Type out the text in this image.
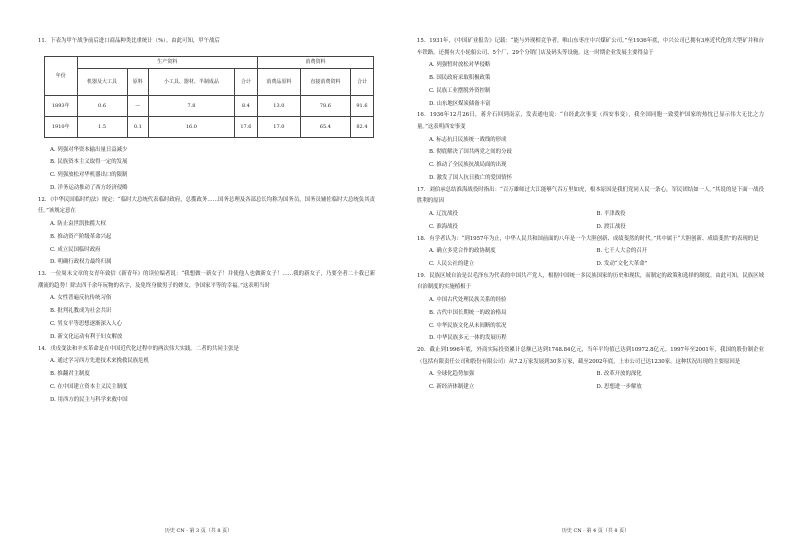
11．下表为甲午战争前后进口商品种类比重统计（%）。由此可知，甲午战后
年份	生产资料				消费资料		
	机器及大工具	原料	小工具、器材、半制成品	合计	消费品原料	直接消费资料	合计
1893年	0.6	—	7.8	8.4	13.0	78.6	91.6
1910年	1.5	0.1	16.0	17.6	17.0	65.4	82.4
A. 列强对华资本输出量日益减少
B. 民族资本主义取得一定的发展
C. 列强放松对华机器出口的限制
D. 洋务运动推动了西方经济侵略
12．《中华民国临时约法》规定：“临时大总统代表临时政府，总揽政务……国务总理及各部总长均称为国务员，国务员辅佐临时大总统负其责任。”该规定意在
A. 防止袁世凯独揽大权
B. 推动资产阶级革命兴起
C. 成立民国临时政府
D. 明确行政权力最终归属
13．一位周末文章的女青年致信《新青年》的读位编者说：“我想做一新女子！并使他人也做新女子！……我的新女子，乃要全者二十我已新潮流的趋势！除去四千余年玩物的名字，及免终身做男子的婢女，争国家平等的幸福。”这表明当时
A. 女性普遍反抗传统习俗
B. 批判礼教成为社会共识
C. 男女平等思想逐渐深入人心
D. 新文化运动有利于妇女解放
14．戊戌变法和辛亥革命是在中国近代化过程中的两次伟大实践。二者的共同主张是
A. 通过学习西方先进技术来挽救民族危机
B. 推翻君主制度
C. 在中国建立资本主义民主制度
D. 用西方的民主与科学来救中国
历史 CN · 第 3 页（共 8 页）
15．1931年，《中国矿业报告》记载：“能与外现相竞争者，唯山东枣庄中兴煤矿公司。”至1936年底，中兴公司已拥有3座近代化的大型矿井和台车铁路，还拥有大小轮船公司、5个厂、29个分销门店及码头等设施。这一时期企业发展主要得益于
A. 列强暂时放松对华侵略
B. 国民政府采取积极政策
C. 民族工业摆脱外资控制
D. 山东地区煤炭储备丰富
16．1936年12月26日，蒋介石回到南京，发表通电说：“自经此次事变（西安事变），我全国同胞一致爱护国家的热忱已显示伟大无比之力量。”这表明西安事变
A. 标志抗日民族统一战线的形成
B. 彻底解决了国共两党之间的分歧
C. 推动了全民族抗战局面的出现
D. 激发了国人抗日救亡的爱国情怀
17．刘伯承总结淮海战役时指出：“百万雄师过大江能够气吞万里如虎，根本原因是我们党同人民一条心，军民团结如一人。”其说的是下面一战役胜利的原因
A. 辽沈战役	B. 平津战役
C. 淮海战役	D. 渡江战役
18．有学者认为：“到1957年为止，中华人民共和国前面的八年是一个大胆创新、成绩斐然的时代。”其中属于“大胆创新、成绩斐然”的表现的是
A. 确立多党合作的政协制度	B. 七千人大会的召开
C. 人民公社的建立	D. 发动“文化大革命”
19．民族区域自治是以毛泽东为代表的中国共产党人，根据中国统一多民族国家的历史和现状，而制定的政策和选择的制度。由此可知，民族区域自治制度的实施植根于
A. 中国古代处理民族关系的经验
B. 古代中国长期统一的政治格局
C. 中华民族文化从未间断的状况
D. 中华民族多元一体的发展历程
20．截止到1996年底，外商实际投资累计总额已达到1748.84亿元，当年平均值已达到10972.8亿元。1997年至2001年，我国的股份制企业（包括有限责任公司和股份有限公司）从7.2万家发展到30多万家，截至2002年底，上市公司已达1230家。这种状况出现的主要原因是
A. 全球化趋势加强	B. 改革开放的深化
C. 新经济体制建立	D. 思想进一步解放
历史 CN · 第 4 页（共 8 页）
